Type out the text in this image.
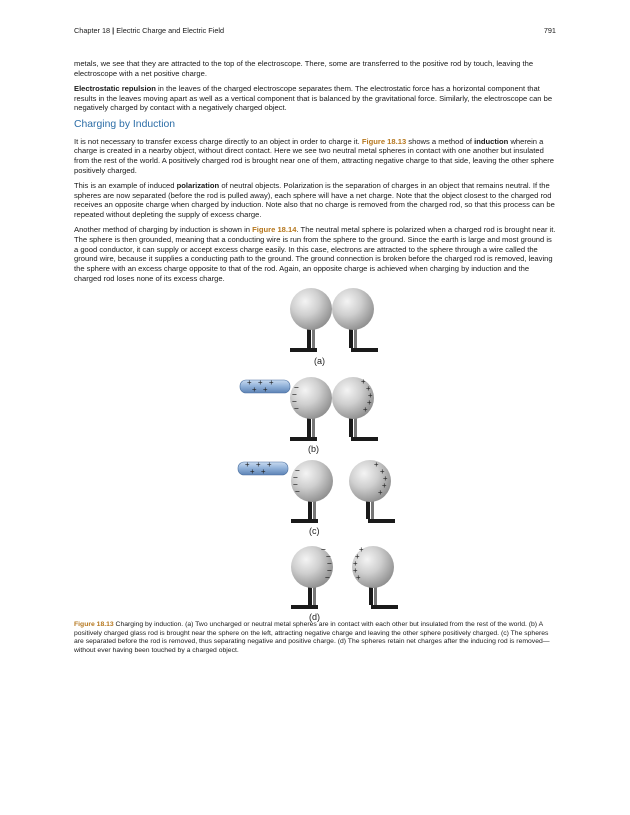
Chapter 18 | Electric Charge and Electric Field	791

metals, we see that they are attracted to the top of the electroscope. There, some are transferred to the positive rod by touch, leaving the electroscope with a net positive charge.

Electrostatic repulsion in the leaves of the charged electroscope separates them. The electrostatic force has a horizontal component that results in the leaves moving apart as well as a vertical component that is balanced by the gravitational force. Similarly, the electroscope can be negatively charged by contact with a negatively charged object.

Charging by Induction

It is not necessary to transfer excess charge directly to an object in order to charge it. Figure 18.13 shows a method of induction wherein a charge is created in a nearby object, without direct contact. Here we see two neutral metal spheres in contact with one another but insulated from the rest of the world. A positively charged rod is brought near one of them, attracting negative charge to that side, leaving the other sphere positively charged.

This is an example of induced polarization of neutral objects. Polarization is the separation of charges in an object that remains neutral. If the spheres are now separated (before the rod is pulled away), each sphere will have a net charge. Note that the object closest to the charged rod receives an opposite charge when charged by induction. Note also that no charge is removed from the charged rod, so that this process can be repeated without depleting the supply of excess charge.

Another method of charging by induction is shown in Figure 18.14. The neutral metal sphere is polarized when a charged rod is brought near it. The sphere is then grounded, meaning that a conducting wire is run from the sphere to the ground. Since the earth is large and most ground is a good conductor, it can supply or accept excess charge easily. In this case, electrons are attracted to the sphere through a wire called the ground wire, because it supplies a conducting path to the ground. The ground connection is broken before the charged rod is removed, leaving the sphere with an excess charge opposite to that of the rod. Again, an opposite charge is achieved when charging by induction and the charged rod loses none of its excess charge.

(a)
+ + +
+ +	−
−
−
−
+
+
+
+
+
(b)
+ + +
+ +	−
−
−
−
+
+
+
+
+
(c)
−
−
−
−
−
+
+
+
+
+
(d)
Figure 18.13 Charging by induction. (a) Two uncharged or neutral metal spheres are in contact with each other but insulated from the rest of the world. (b) A positively charged glass rod is brought near the sphere on the left, attracting negative charge and leaving the other sphere positively charged. (c) The spheres are separated before the rod is removed, thus separating negative and positive charge. (d) The spheres retain net charges after the inducing rod is removed—without ever having been touched by a charged object.
